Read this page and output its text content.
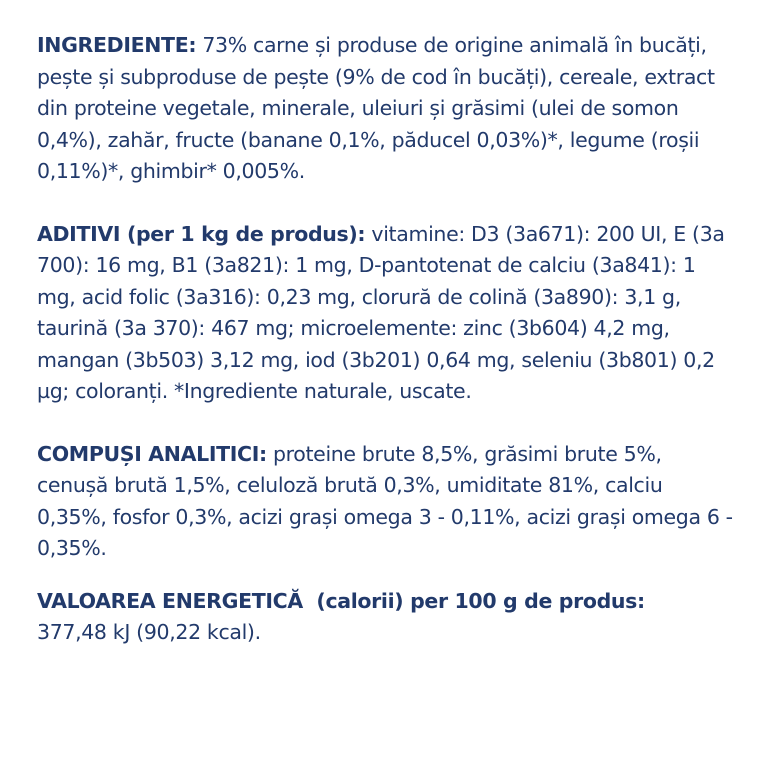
INGREDIENTE: 73% carne și produse de origine animală în bucăți, pește și subproduse de pește (9% de cod în bucăți), cereale, extract din proteine vegetale, minerale, uleiuri și grăsimi (ulei de somon 0,4%), zahăr, fructe (banane 0,1%, păducel 0,03%)*, legume (roșii 0,11%)*, ghimbir* 0,005%.

ADITIVI (per 1 kg de produs): vitamine: D3 (3a671): 200 UI, E (3a 700): 16 mg, B1 (3a821): 1 mg, D-pantotenat de calciu (3a841): 1 mg, acid folic (3a316): 0,23 mg, clorură de colină (3a890): 3,1 g, taurină (3a 370): 467 mg; microelemente: zinc (3b604) 4,2 mg, mangan (3b503) 3,12 mg, iod (3b201) 0,64 mg, seleniu (3b801) 0,2 µg; coloranți. *Ingrediente naturale, uscate.

COMPUȘI ANALITICI: proteine brute 8,5%, grăsimi brute 5%, cenușă brută 1,5%, celuloză brută 0,3%, umiditate 81%, calciu 0,35%, fosfor 0,3%, acizi grași omega 3 - 0,11%, acizi grași omega 6 - 0,35%.

VALOAREA ENERGETICĂ  (calorii) per 100 g de produs:
377,48 kJ (90,22 kcal).
